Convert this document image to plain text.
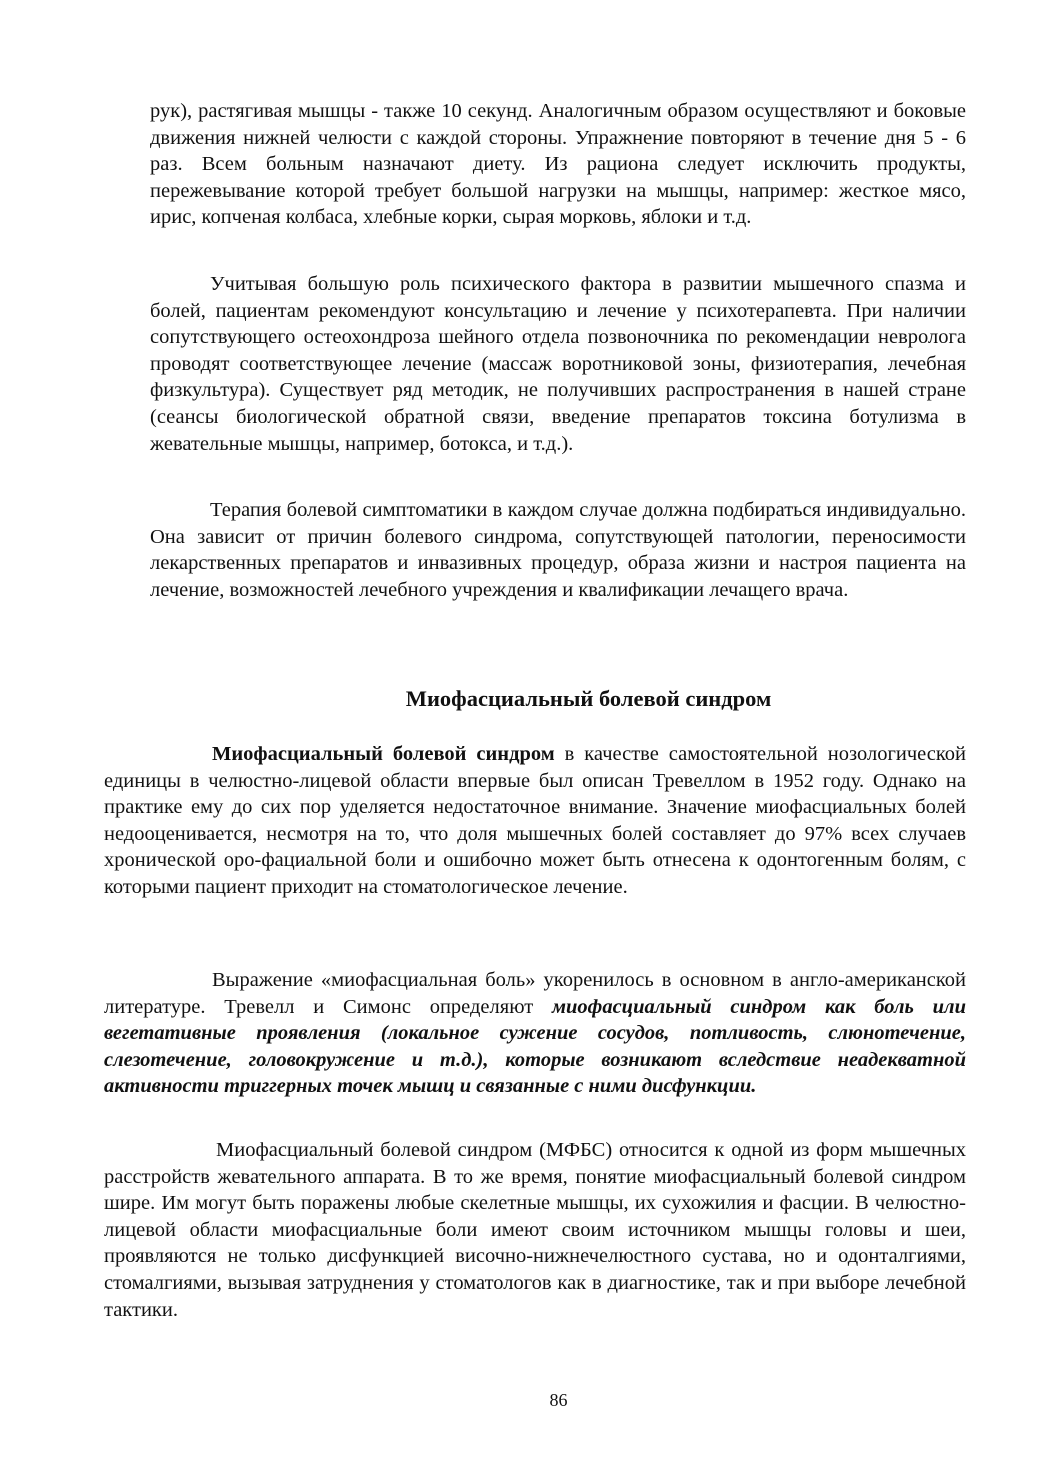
рук), растягивая мышцы - также 10 секунд. Аналогичным образом осуществляют и боковые движения нижней челюсти с каждой стороны. Упражнение повторяют в течение дня 5 - 6 раз. Всем больным назначают диету. Из рациона следует исключить продукты, пережевывание которой требует большой нагрузки на мышцы, например: жесткое мясо, ирис, копченая колбаса, хлебные корки, сырая морковь, яблоки и т.д.

Учитывая большую роль психического фактора в развитии мышечного спазма и болей, пациентам рекомендуют консультацию и лечение у психотерапевта. При наличии сопутствующего остеохондроза шейного отдела позвоночника по рекомендации невролога проводят соответствующее лечение (массаж воротниковой зоны, физиотерапия, лечебная физкультура). Существует ряд методик, не получивших распространения в нашей стране (сеансы биологической обратной связи, введение препаратов токсина ботулизма в жевательные мышцы, например, ботокса, и т.д.).

Терапия болевой симптоматики в каждом случае должна подбираться индивидуально. Она зависит от причин болевого синдрома, сопутствующей патологии, переносимости лекарственных препаратов и инвазивных процедур, образа жизни и настроя пациента на лечение, возможностей лечебного учреждения и квалификации лечащего врача.

Миофасциальный болевой синдром

Миофасциальный болевой синдром в качестве самостоятельной нозологической единицы в челюстно-лицевой области впервые был описан Тревеллом в 1952 году. Однако на практике ему до сих пор уделяется недостаточное внимание. Значение миофасциальных болей недооценивается, несмотря на то, что доля мышечных болей составляет до 97% всех случаев хронической оро-фациальной боли и ошибочно может быть отнесена к одонтогенным болям, с которыми пациент приходит на стоматологическое лечение.

Выражение «миофасциальная боль» укоренилось в основном в англо-американской литературе. Тревелл и Симонс определяют миофасциальный синдром как боль или вегетативные проявления (локальное сужение сосудов, потливость, слюнотечение, слезотечение, головокружение и т.д.), которые возникают вследствие неадекватной активности триггерных точек мышц и связанные с ними дисфункции.

Миофасциальный болевой синдром (МФБС) относится к одной из форм мышечных расстройств жевательного аппарата. В то же время, понятие миофасциальный болевой синдром шире. Им могут быть поражены любые скелетные мышцы, их сухожилия и фасции. В челюстно-лицевой области миофасциальные боли имеют своим источником мышцы головы и шеи, проявляются не только дисфункцией височно-нижнечелюстного сустава, но и одонталгиями, стомалгиями, вызывая затруднения у стоматологов как в диагностике, так и при выборе лечебной тактики.

86
